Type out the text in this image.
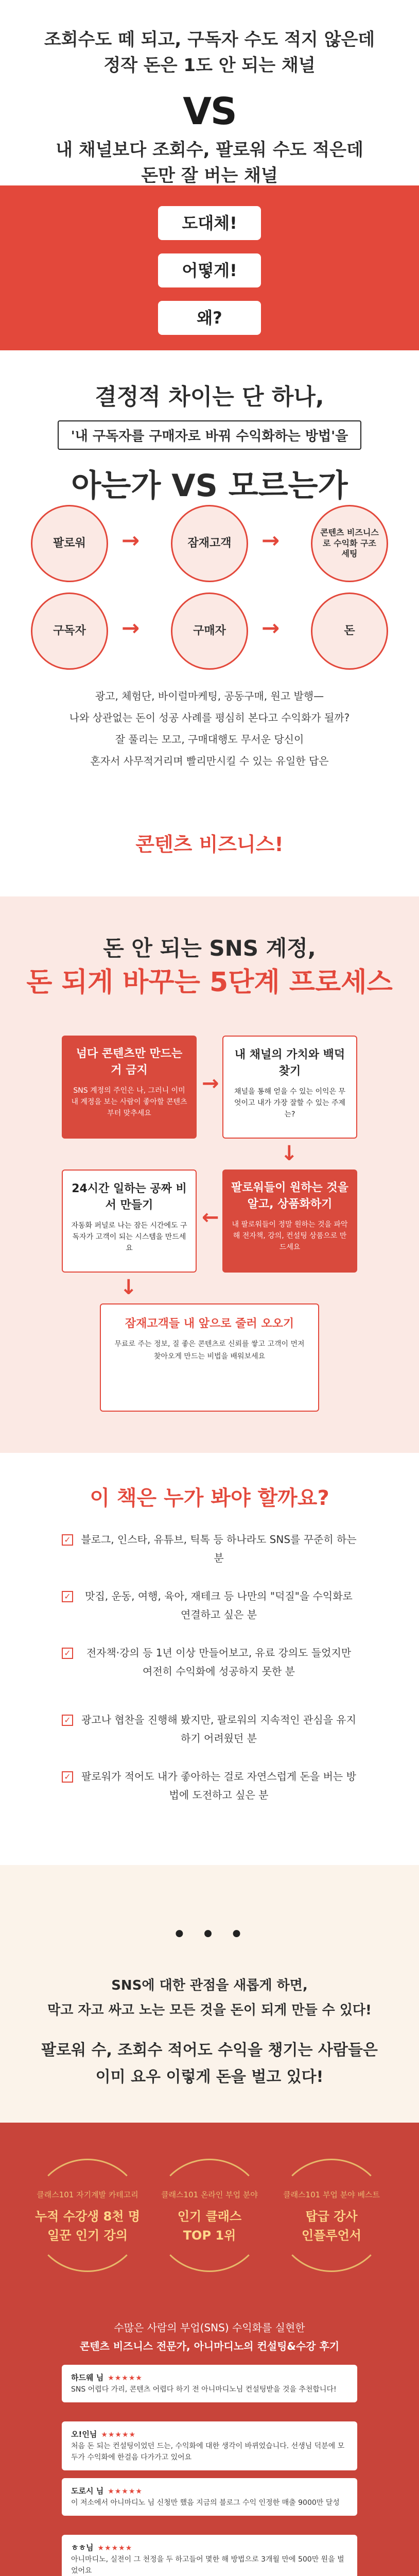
조회수도 떼 되고, 구독자 수도 적지 않은데
정작 돈은 1도 안 되는 채널
VS
내 채널보다 조회수, 팔로워 수도 적은데
돈만 잘 버는 채널
도대체!
어떻게!
왜?
결정적 차이는 단 하나,
'내 구독자를 구매자로 바꿔 수익화하는 방법'을
아는가 VS 모르는가
팔로워	→	잠재고객	→	콘텐츠 비즈니스로 수익화 구조 세팅
구독자	→	구매자	→	돈
광고, 체험단, 바이럴마케팅, 공동구매, 원고 발행—
나와 상관없는 돈이 성공 사례를 평심히 본다고 수익화가 될까?
잘 풀리는 모고, 구매대행도 무서운 당신이
혼자서 사무적거리며 빨리만시킬 수 있는 유일한 답은
콘텐츠 비즈니스!
돈 안 되는 SNS 계정,
돈 되게 바꾸는 5단계 프로세스
넘다 콘텐츠만 만드는 거 금지
SNS 계정의 주인은 나, 그러니 이미 내 계정을 보는 사람이 좋아할 콘텐츠부터 맞추세요
→
내 채널의 가치와 백덕 찾기
채널을 통해 얻을 수 있는 이익은 무엇이고 내가 가장 잘할 수 있는 주제는?
↓
24시간 일하는 공짜 비서 만들기
자동화 퍼널로 나는 잠든 시간에도 구독자가 고객이 되는 시스템을 만드세요
←
팔로워들이 원하는 것을 알고, 상품화하기
내 팔로워들이 정말 원하는 것을 파악해 전자책, 강의, 컨설팅 상품으로 만드세요
↓
잠재고객들 내 앞으로 줄러 오오기
무료로 주는 정보, 질 좋은 콘텐츠로 신뢰를 쌓고 고객이 먼저 찾아오게 만드는 비법을 배워보세요
이 책은 누가 봐야 할까요?
✓ 블로그, 인스타, 유튜브, 틱톡 등 하나라도 SNS를 꾸준히 하는 분
✓ 맛집, 운동, 여행, 육아, 재테크 등 나만의 "덕질"을 수익화로 연결하고 싶은 분
✓ 전자책·강의 등 1년 이상 만들어보고, 유료 강의도 들었지만 여전히 수익화에 성공하지 못한 분
✓ 광고나 협찬을 진행해 봤지만, 팔로워의 지속적인 관심을 유지하기 어려웠던 분
✓ 팔로워가 적어도 내가 좋아하는 걸로 자연스럽게 돈을 버는 방법에 도전하고 싶은 분
• • •
SNS에 대한 관점을 새롭게 하면,
막고 자고 싸고 노는 모든 것을 돈이 되게 만들 수 있다!
팔로워 수, 조회수 적어도 수익을 챙기는 사람들은
이미 요우 이렇게 돈을 벌고 있다!
클래스101 자기계발 카테고리
누적 수강생 8천 명
일꾼 인기 강의
클래스101 온라인 부업 분야
인기 클래스
TOP 1위
클래스101 부업 분야 베스트
탑급 강사
인플루언서
수많은 사람의 부업(SNS) 수익화를 실현한
콘텐츠 비즈니스 전문가, 아니마디노의 컨설팅&수강 후기
하드웨 님 ★★★★★
SNS 어렵다 가리, 콘텐츠 어렵다 하기 전 아니마디노님 컨설팅받을 것을 추천합니다!
오!인님 ★★★★★
처음 돈 되는 컨설팅이었던 드는, 수익화에 대한 생각이 바뀌었습니다. 선생님 덕분에 모두가 수익화에 한걸음 다가가고 있어요
도로시 님 ★★★★★
이 저소에서 아니마디노 님 신청만 했음 지금의 블로그 수익 인정한 매출 9000만 달성
ㅎㅎ님 ★★★★★
아니마디노, 실전이 그 천정을 두 하고들어 몇한 해 방법으로 3개월 만에 500만 원을 벌었어요
